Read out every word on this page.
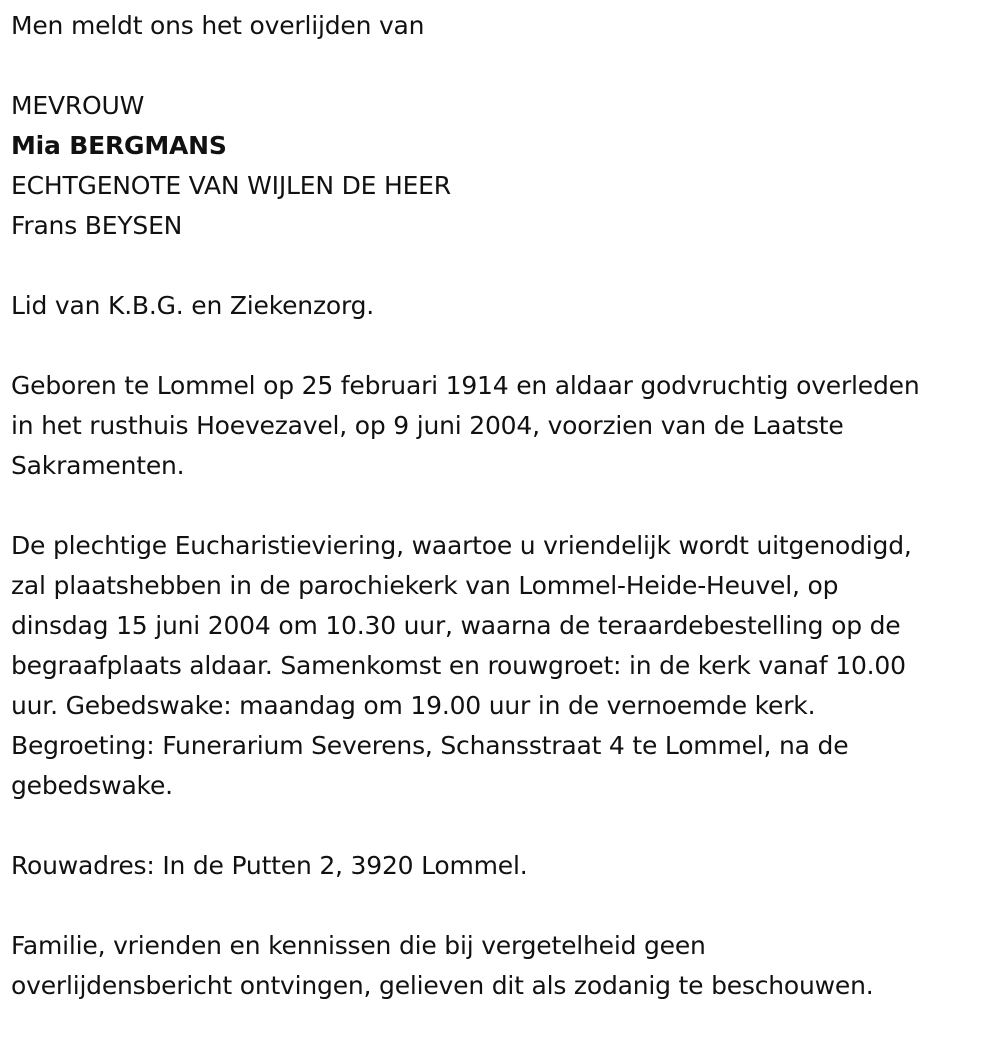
Men meldt ons het overlijden van
MEVROUW
Mia BERGMANS
ECHTGENOTE VAN WIJLEN DE HEER
Frans BEYSEN
Lid van K.B.G. en Ziekenzorg.

Geboren te Lommel op 25 februari 1914 en aldaar godvruchtig overleden
in het rusthuis Hoevezavel, op 9 juni 2004, voorzien van de Laatste
Sakramenten.

De plechtige Eucharistieviering, waartoe u vriendelijk wordt uitgenodigd,
zal plaatshebben in de parochiekerk van Lommel-Heide-Heuvel, op
dinsdag 15 juni 2004 om 10.30 uur, waarna de teraardebestelling op de
begraafplaats aldaar. Samenkomst en rouwgroet: in de kerk vanaf 10.00
uur. Gebedswake: maandag om 19.00 uur in de vernoemde kerk.
Begroeting: Funerarium Severens, Schansstraat 4 te Lommel, na de
gebedswake.

Rouwadres: In de Putten 2, 3920 Lommel.

Familie, vrienden en kennissen die bij vergetelheid geen
overlijdensbericht ontvingen, gelieven dit als zodanig te beschouwen.
